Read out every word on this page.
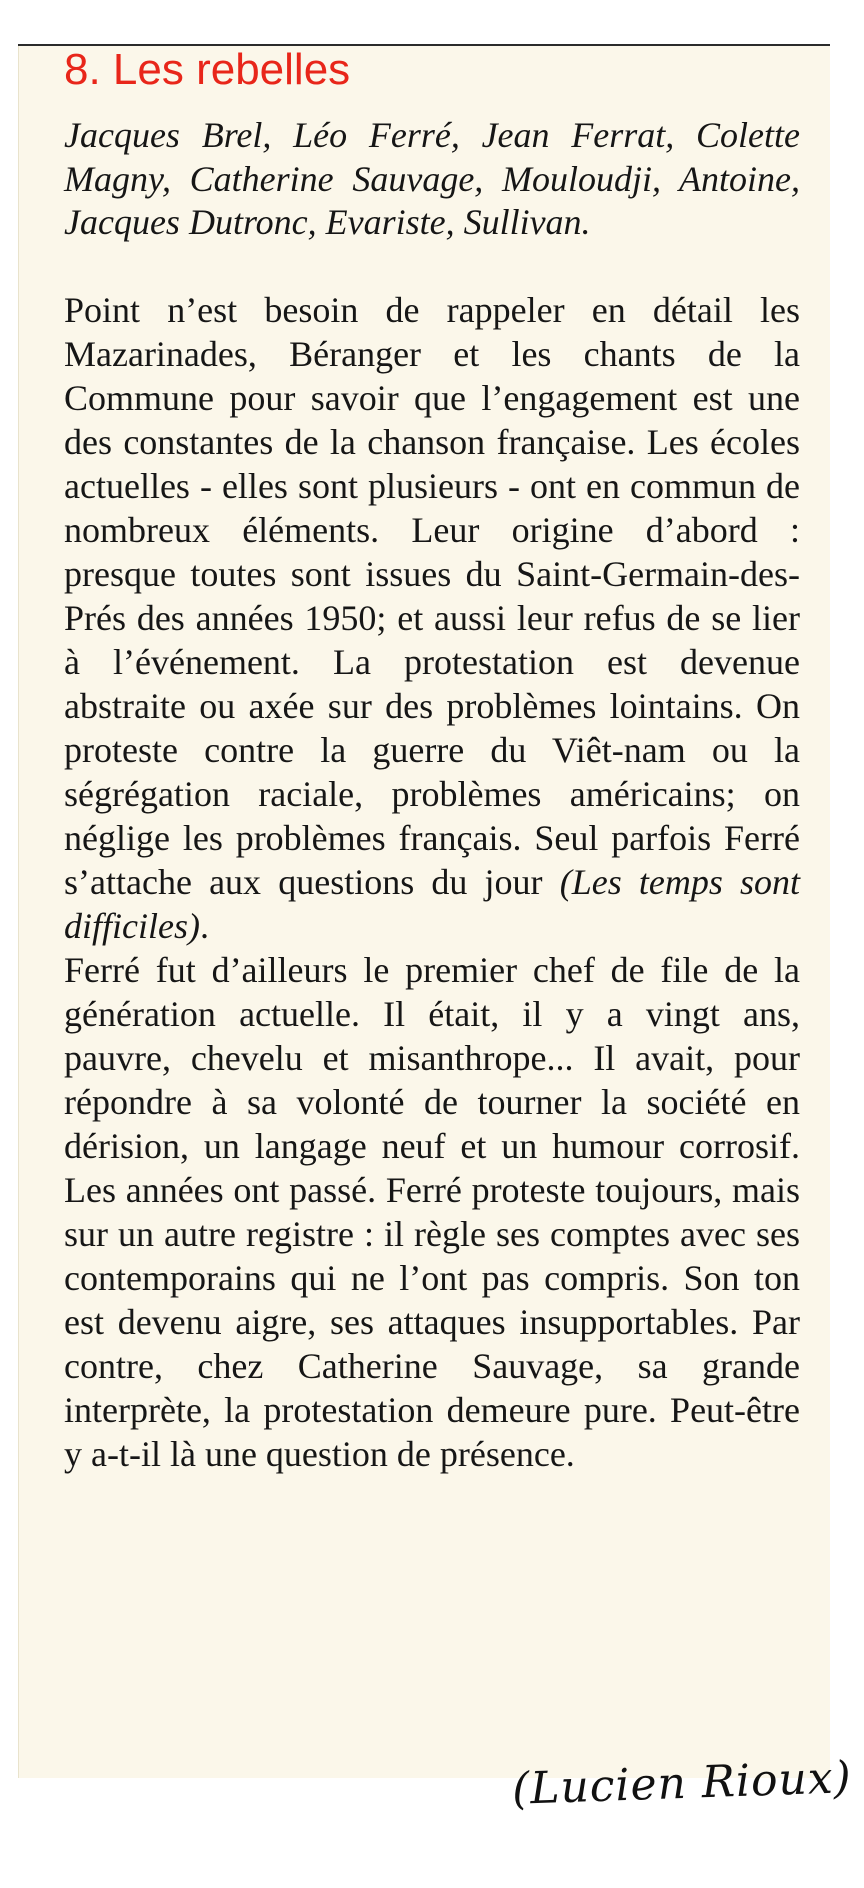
8. Les rebelles

Jacques Brel, Léo Ferré, Jean Ferrat, Colette Magny, Catherine Sauvage, Mouloudji, Antoine, Jacques Dutronc, Evariste, Sullivan.

Point n’est besoin de rappeler en détail les Mazarinades, Béranger et les chants de la Commune pour savoir que l’engagement est une des constantes de la chanson française. Les écoles actuelles - elles sont plusieurs - ont en commun de nombreux éléments. Leur origine d’abord : presque toutes sont issues du Saint-Germain-des-Prés des années 1950; et aussi leur refus de se lier à l’événement. La protestation est devenue abstraite ou axée sur des problèmes lointains. On proteste contre la guerre du Viêt-nam ou la ségrégation raciale, problèmes américains; on néglige les problèmes français. Seul parfois Ferré s’attache aux questions du jour (Les temps sont difficiles).

Ferré fut d’ailleurs le premier chef de file de la génération actuelle. Il était, il y a vingt ans, pauvre, chevelu et misanthrope... Il avait, pour répondre à sa volonté de tourner la société en dérision, un langage neuf et un humour corrosif. Les années ont passé. Ferré proteste toujours, mais sur un autre registre : il règle ses comptes avec ses contemporains qui ne l’ont pas compris. Son ton est devenu aigre, ses attaques insupportables. Par contre, chez Catherine Sauvage, sa grande interprète, la protestation demeure pure. Peut-être y a-t-il là une question de présence.

(Lucien Rioux)
